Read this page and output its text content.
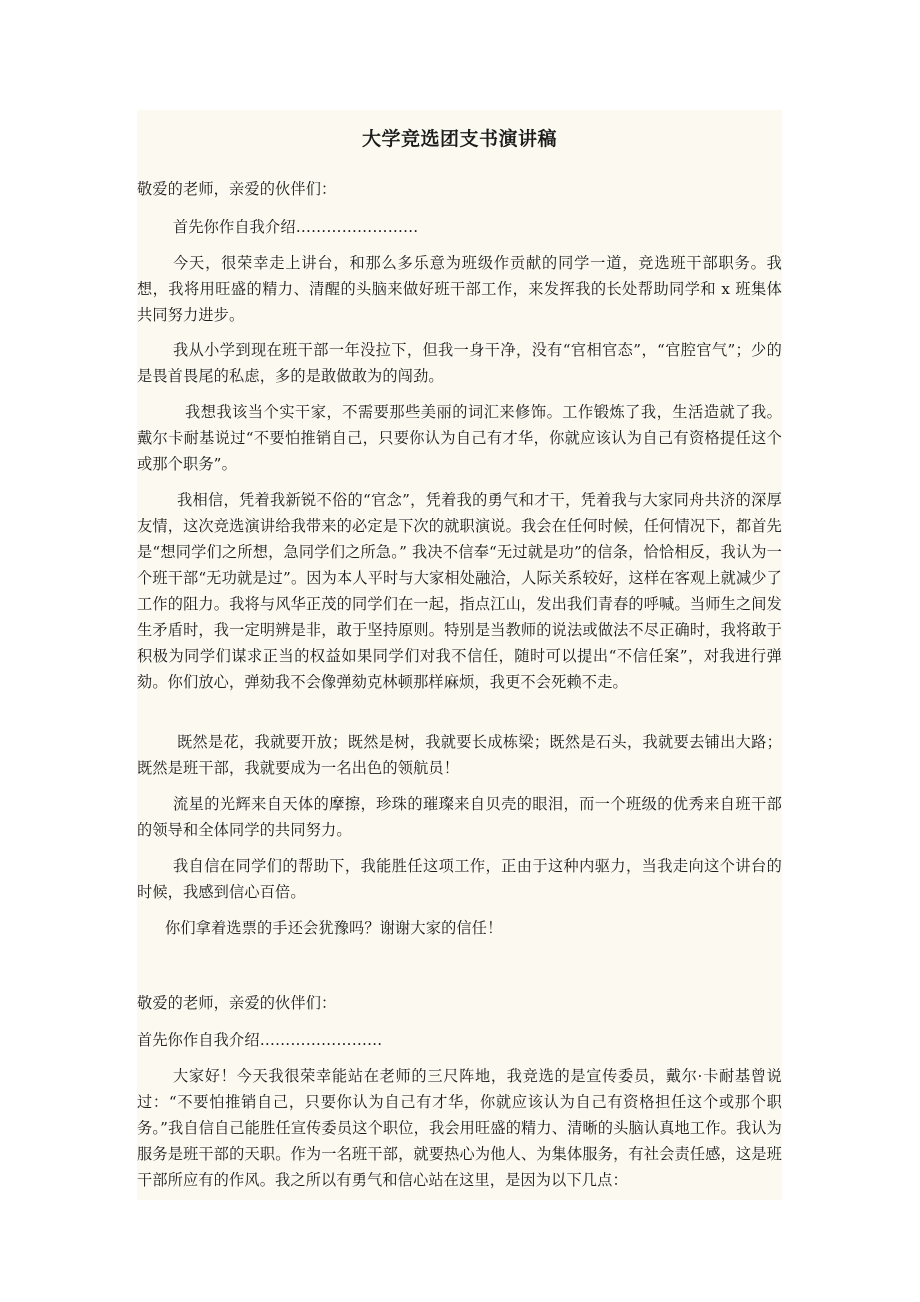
大学竞选团支书演讲稿

敬爱的老师，亲爱的伙伴们：

首先你作自我介绍……………………

今天，很荣幸走上讲台，和那么多乐意为班级作贡献的同学一道，竞选班干部职务。我想，我将用旺盛的精力、清醒的头脑来做好班干部工作，来发挥我的长处帮助同学和 x 班集体共同努力进步。

我从小学到现在班干部一年没拉下，但我一身干净，没有“官相官态”，“官腔官气”；少的是畏首畏尾的私虑，多的是敢做敢为的闯劲。

我想我该当个实干家，不需要那些美丽的词汇来修饰。工作锻炼了我，生活造就了我。戴尔卡耐基说过“不要怕推销自己，只要你认为自己有才华，你就应该认为自己有资格提任这个或那个职务”。

我相信，凭着我新锐不俗的“官念”，凭着我的勇气和才干，凭着我与大家同舟共济的深厚友情，这次竞选演讲给我带来的必定是下次的就职演说。我会在任何时候，任何情况下，都首先是“想同学们之所想，急同学们之所急。” 我决不信奉“无过就是功”的信条，恰恰相反，我认为一个班干部“无功就是过”。因为本人平时与大家相处融洽，人际关系较好，这样在客观上就减少了工作的阻力。我将与风华正茂的同学们在一起，指点江山，发出我们青春的呼喊。当师生之间发生矛盾时，我一定明辨是非，敢于坚持原则。特别是当教师的说法或做法不尽正确时，我将敢于积极为同学们谋求正当的权益如果同学们对我不信任，随时可以提出“不信任案”，对我进行弹劾。你们放心，弹劾我不会像弹劾克林顿那样麻烦，我更不会死赖不走。

既然是花，我就要开放；既然是树，我就要长成栋梁；既然是石头，我就要去铺出大路；既然是班干部，我就要成为一名出色的领航员！

流星的光辉来自天体的摩擦，珍珠的璀璨来自贝壳的眼泪，而一个班级的优秀来自班干部的领导和全体同学的共同努力。

我自信在同学们的帮助下，我能胜任这项工作，正由于这种内驱力，当我走向这个讲台的时候，我感到信心百倍。

你们拿着选票的手还会犹豫吗？谢谢大家的信任！

敬爱的老师，亲爱的伙伴们：

首先你作自我介绍……………………

大家好！今天我很荣幸能站在老师的三尺阵地，我竞选的是宣传委员，戴尔·卡耐基曾说过：“不要怕推销自己，只要你认为自己有才华，你就应该认为自己有资格担任这个或那个职务。”我自信自己能胜任宣传委员这个职位，我会用旺盛的精力、清晰的头脑认真地工作。我认为服务是班干部的天职。作为一名班干部，就要热心为他人、为集体服务，有社会责任感，这是班干部所应有的作风。我之所以有勇气和信心站在这里，是因为以下几点：
